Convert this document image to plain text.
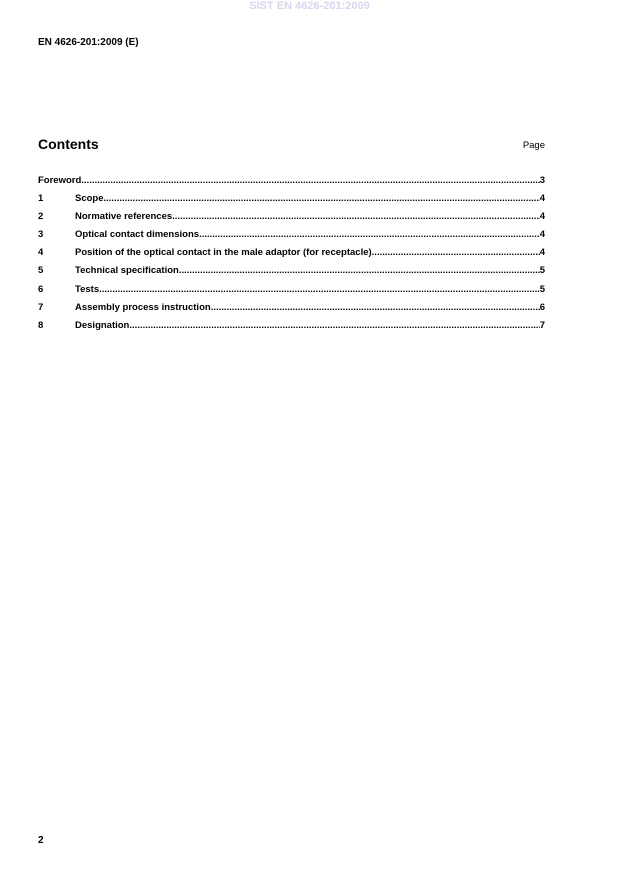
SIST EN 4626-201:2009
EN 4626-201:2009 (E)
Contents	Page
Foreword .....	3
1	Scope .....	4
2	Normative references .....	4
3	Optical contact dimensions .....	4
4	Position of the optical contact in the male adaptor (for receptacle) .....	4
5	Technical specification .....	5
6	Tests .....	5
7	Assembly process instruction .....	6
8	Designation .....	7
2
